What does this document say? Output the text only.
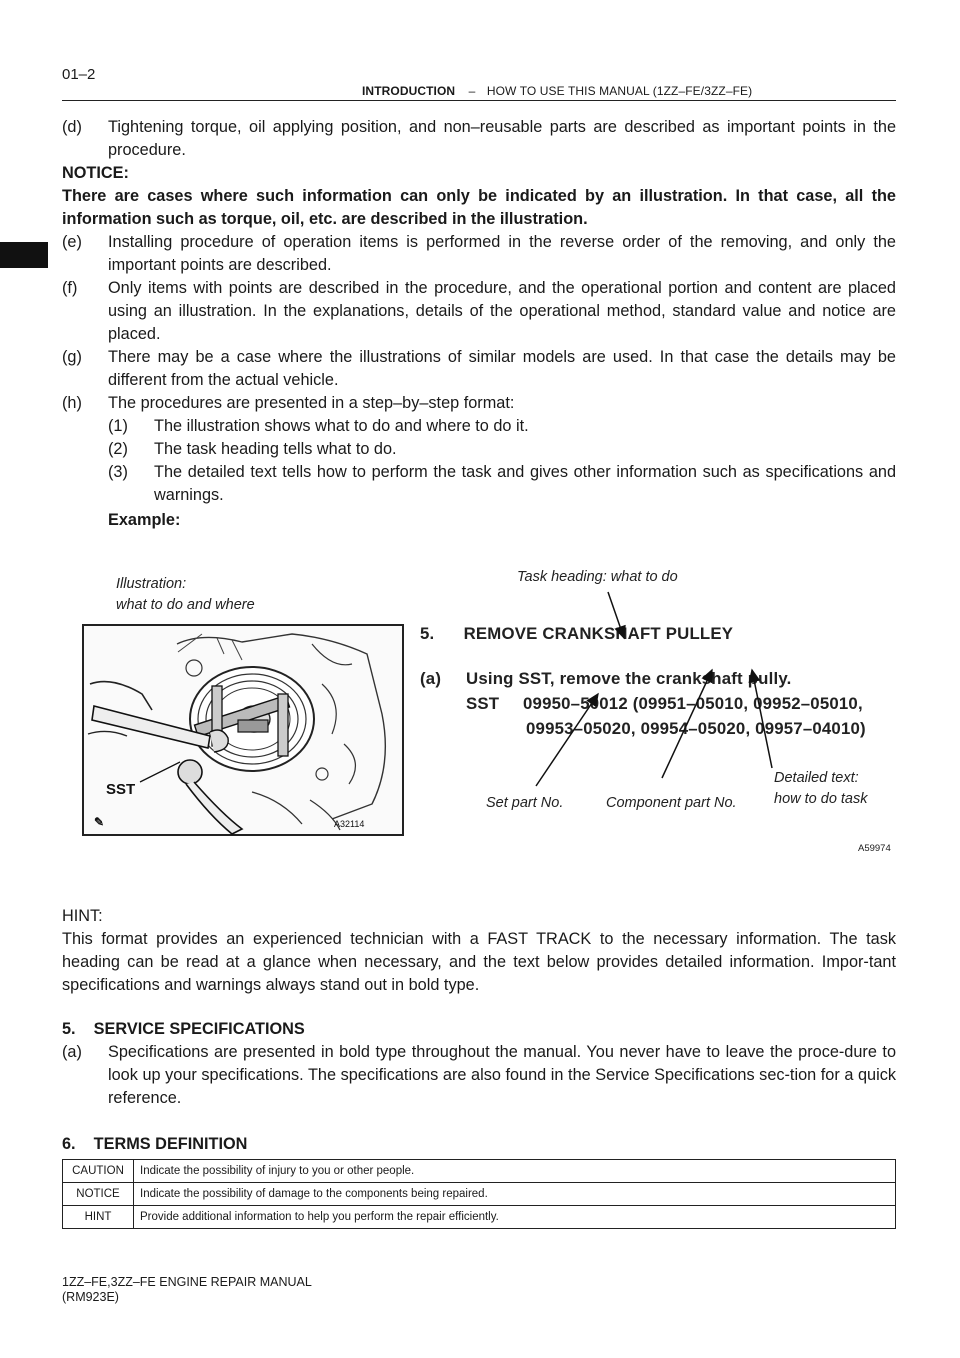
01–2
INTRODUCTION – HOW TO USE THIS MANUAL (1ZZ–FE/3ZZ–FE)
(d) Tightening torque, oil applying position, and non–reusable parts are described as important points in the procedure.
NOTICE:
There are cases where such information can only be indicated by an illustration. In that case, all the information such as torque, oil, etc. are described in the illustration.
(e) Installing procedure of operation items is performed in the reverse order of the removing, and only the important points are described.
(f) Only items with points are described in the procedure, and the operational portion and content are placed using an illustration. In the explanations, details of the operational method, standard value and notice are placed.
(g) There may be a case where the illustrations of similar models are used. In that case the details may be different from the actual vehicle.
(h) The procedures are presented in a step–by–step format:
(1) The illustration shows what to do and where to do it.
(2) The task heading tells what to do.
(3) The detailed text tells how to perform the task and gives other information such as specifications and warnings.
Example:
Illustration:
what to do and where
Task heading: what to do
SST
✎	A32114
5.      REMOVE CRANKSHAFT PULLEY
(a) Using SST, remove the crankshaft pully.
SST 09950–50012 (09951–05010, 09952–05010,
09953–05020, 09954–05020, 09957–04010)
Set part No.	Component part No.
Detailed text:
how to do task
A59974
HINT:
This format provides an experienced technician with a FAST TRACK to the necessary information. The task heading can be read at a glance when necessary, and the text below provides detailed information. Impor-tant specifications and warnings always stand out in bold type.
5.    SERVICE SPECIFICATIONS
(a) Specifications are presented in bold type throughout the manual. You never have to leave the proce-dure to look up your specifications. The specifications are also found in the Service Specifications sec-tion for a quick reference.
6.    TERMS DEFINITION
CAUTION	Indicate the possibility of injury to you or other people.
NOTICE	Indicate the possibility of damage to the components being repaired.
HINT	Provide additional information to help you perform the repair efficiently.
1ZZ–FE,3ZZ–FE ENGINE REPAIR MANUAL
(RM923E)
